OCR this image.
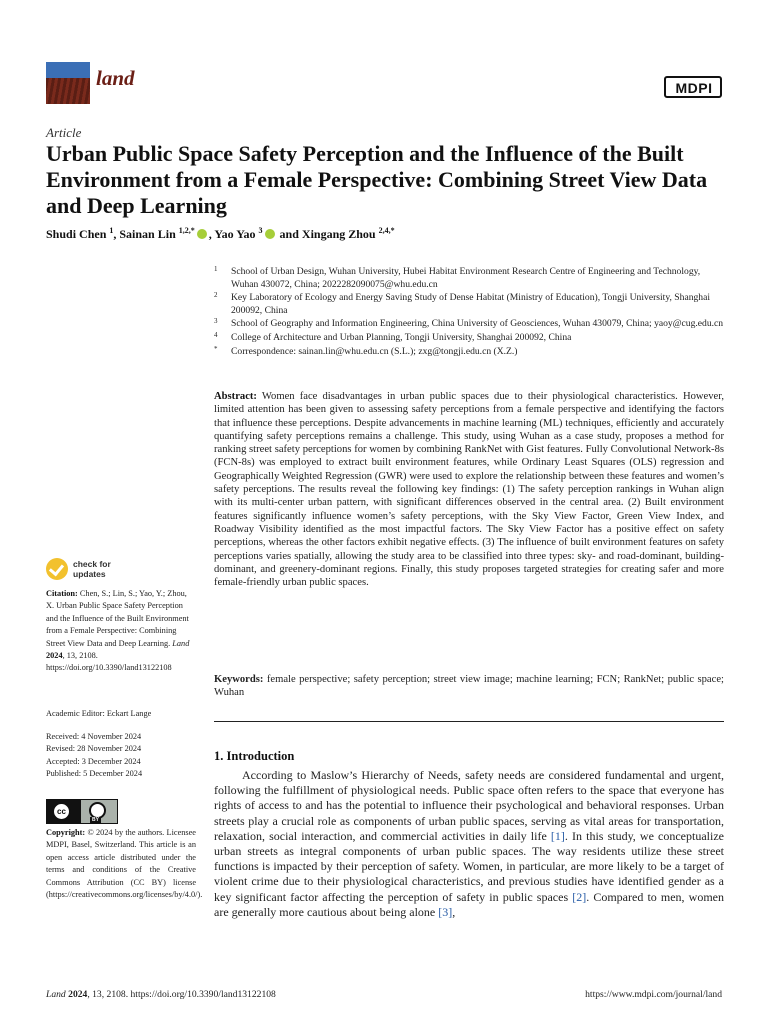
land	MDPI
Article
Urban Public Space Safety Perception and the Influence of the Built Environment from a Female Perspective: Combining Street View Data and Deep Learning
Shudi Chen $^1$, Sainan Lin $^{1,2,*}$ , Yao Yao $^3$ and Xingang Zhou $^{2,4,*}$
1 School of Urban Design, Wuhan University, Hubei Habitat Environment Research Centre of Engineering and Technology, Wuhan 430072, China; 2022282090075@whu.edu.cn
2 Key Laboratory of Ecology and Energy Saving Study of Dense Habitat (Ministry of Education), Tongji University, Shanghai 200092, China
3 School of Geography and Information Engineering, China University of Geosciences, Wuhan 430079, China; yaoy@cug.edu.cn
4 College of Architecture and Urban Planning, Tongji University, Shanghai 200092, China
* Correspondence: sainan.lin@whu.edu.cn (S.L.); zxg@tongji.edu.cn (X.Z.)

Abstract: Women face disadvantages in urban public spaces due to their physiological characteristics. However, limited attention has been given to assessing safety perceptions from a female perspective and identifying the factors that influence these perceptions. Despite advancements in machine learning (ML) techniques, efficiently and accurately quantifying safety perceptions remains a challenge. This study, using Wuhan as a case study, proposes a method for ranking street safety perceptions for women by combining RankNet with Gist features. Fully Convolutional Network-8s (FCN-8s) was employed to extract built environment features, while Ordinary Least Squares (OLS) regression and Geographically Weighted Regression (GWR) were used to explore the relationship between these features and women’s safety perceptions. The results reveal the following key findings: (1) The safety perception rankings in Wuhan align with its multi-center urban pattern, with significant differences observed in the central area. (2) Built environment features significantly influence women’s safety perceptions, with the Sky View Factor, Green View Index, and Roadway Visibility identified as the most impactful factors. The Sky View Factor has a positive effect on safety perceptions, whereas the other factors exhibit negative effects. (3) The influence of built environment features on safety perceptions varies spatially, allowing the study area to be classified into three types: sky- and road-dominant, building-dominant, and greenery-dominant regions. Finally, this study proposes targeted strategies for creating safer and more female-friendly urban public spaces.

Keywords: female perspective; safety perception; street view image; machine learning; FCN; RankNet; public space; Wuhan

check for
updates

Citation: Chen, S.; Lin, S.; Yao, Y.; Zhou, X. Urban Public Space Safety Perception and the Influence of the Built Environment from a Female Perspective: Combining Street View Data and Deep Learning. Land 2024, 13, 2108. https://doi.org/10.3390/land13122108

Academic Editor: Eckart Lange

Received: 4 November 2024
Revised: 28 November 2024
Accepted: 3 December 2024
Published: 5 December 2024
cc
BY

Copyright: © 2024 by the authors. Licensee MDPI, Basel, Switzerland. This article is an open access article distributed under the terms and conditions of the Creative Commons Attribution (CC BY) license (https://creativecommons.org/licenses/by/4.0/).

1. Introduction

According to Maslow’s Hierarchy of Needs, safety needs are considered fundamental and urgent, following the fulfillment of physiological needs. Public space often refers to the space that everyone has rights of access to and has the potential to influence their psychological and behavioral responses. Urban streets play a crucial role as components of urban public spaces, serving as vital areas for transportation, relaxation, social interaction, and commercial activities in daily life [1]. In this study, we conceptualize urban streets as integral components of urban public spaces. The way residents utilize these street functions is impacted by their perception of safety. Women, in particular, are more likely to be a target of violent crime due to their physiological characteristics, and previous studies have identified gender as a key significant factor affecting the perception of safety in public spaces [2]. Compared to men, women are generally more cautious about being alone [3],

Land 2024, 13, 2108. https://doi.org/10.3390/land13122108	https://www.mdpi.com/journal/land
